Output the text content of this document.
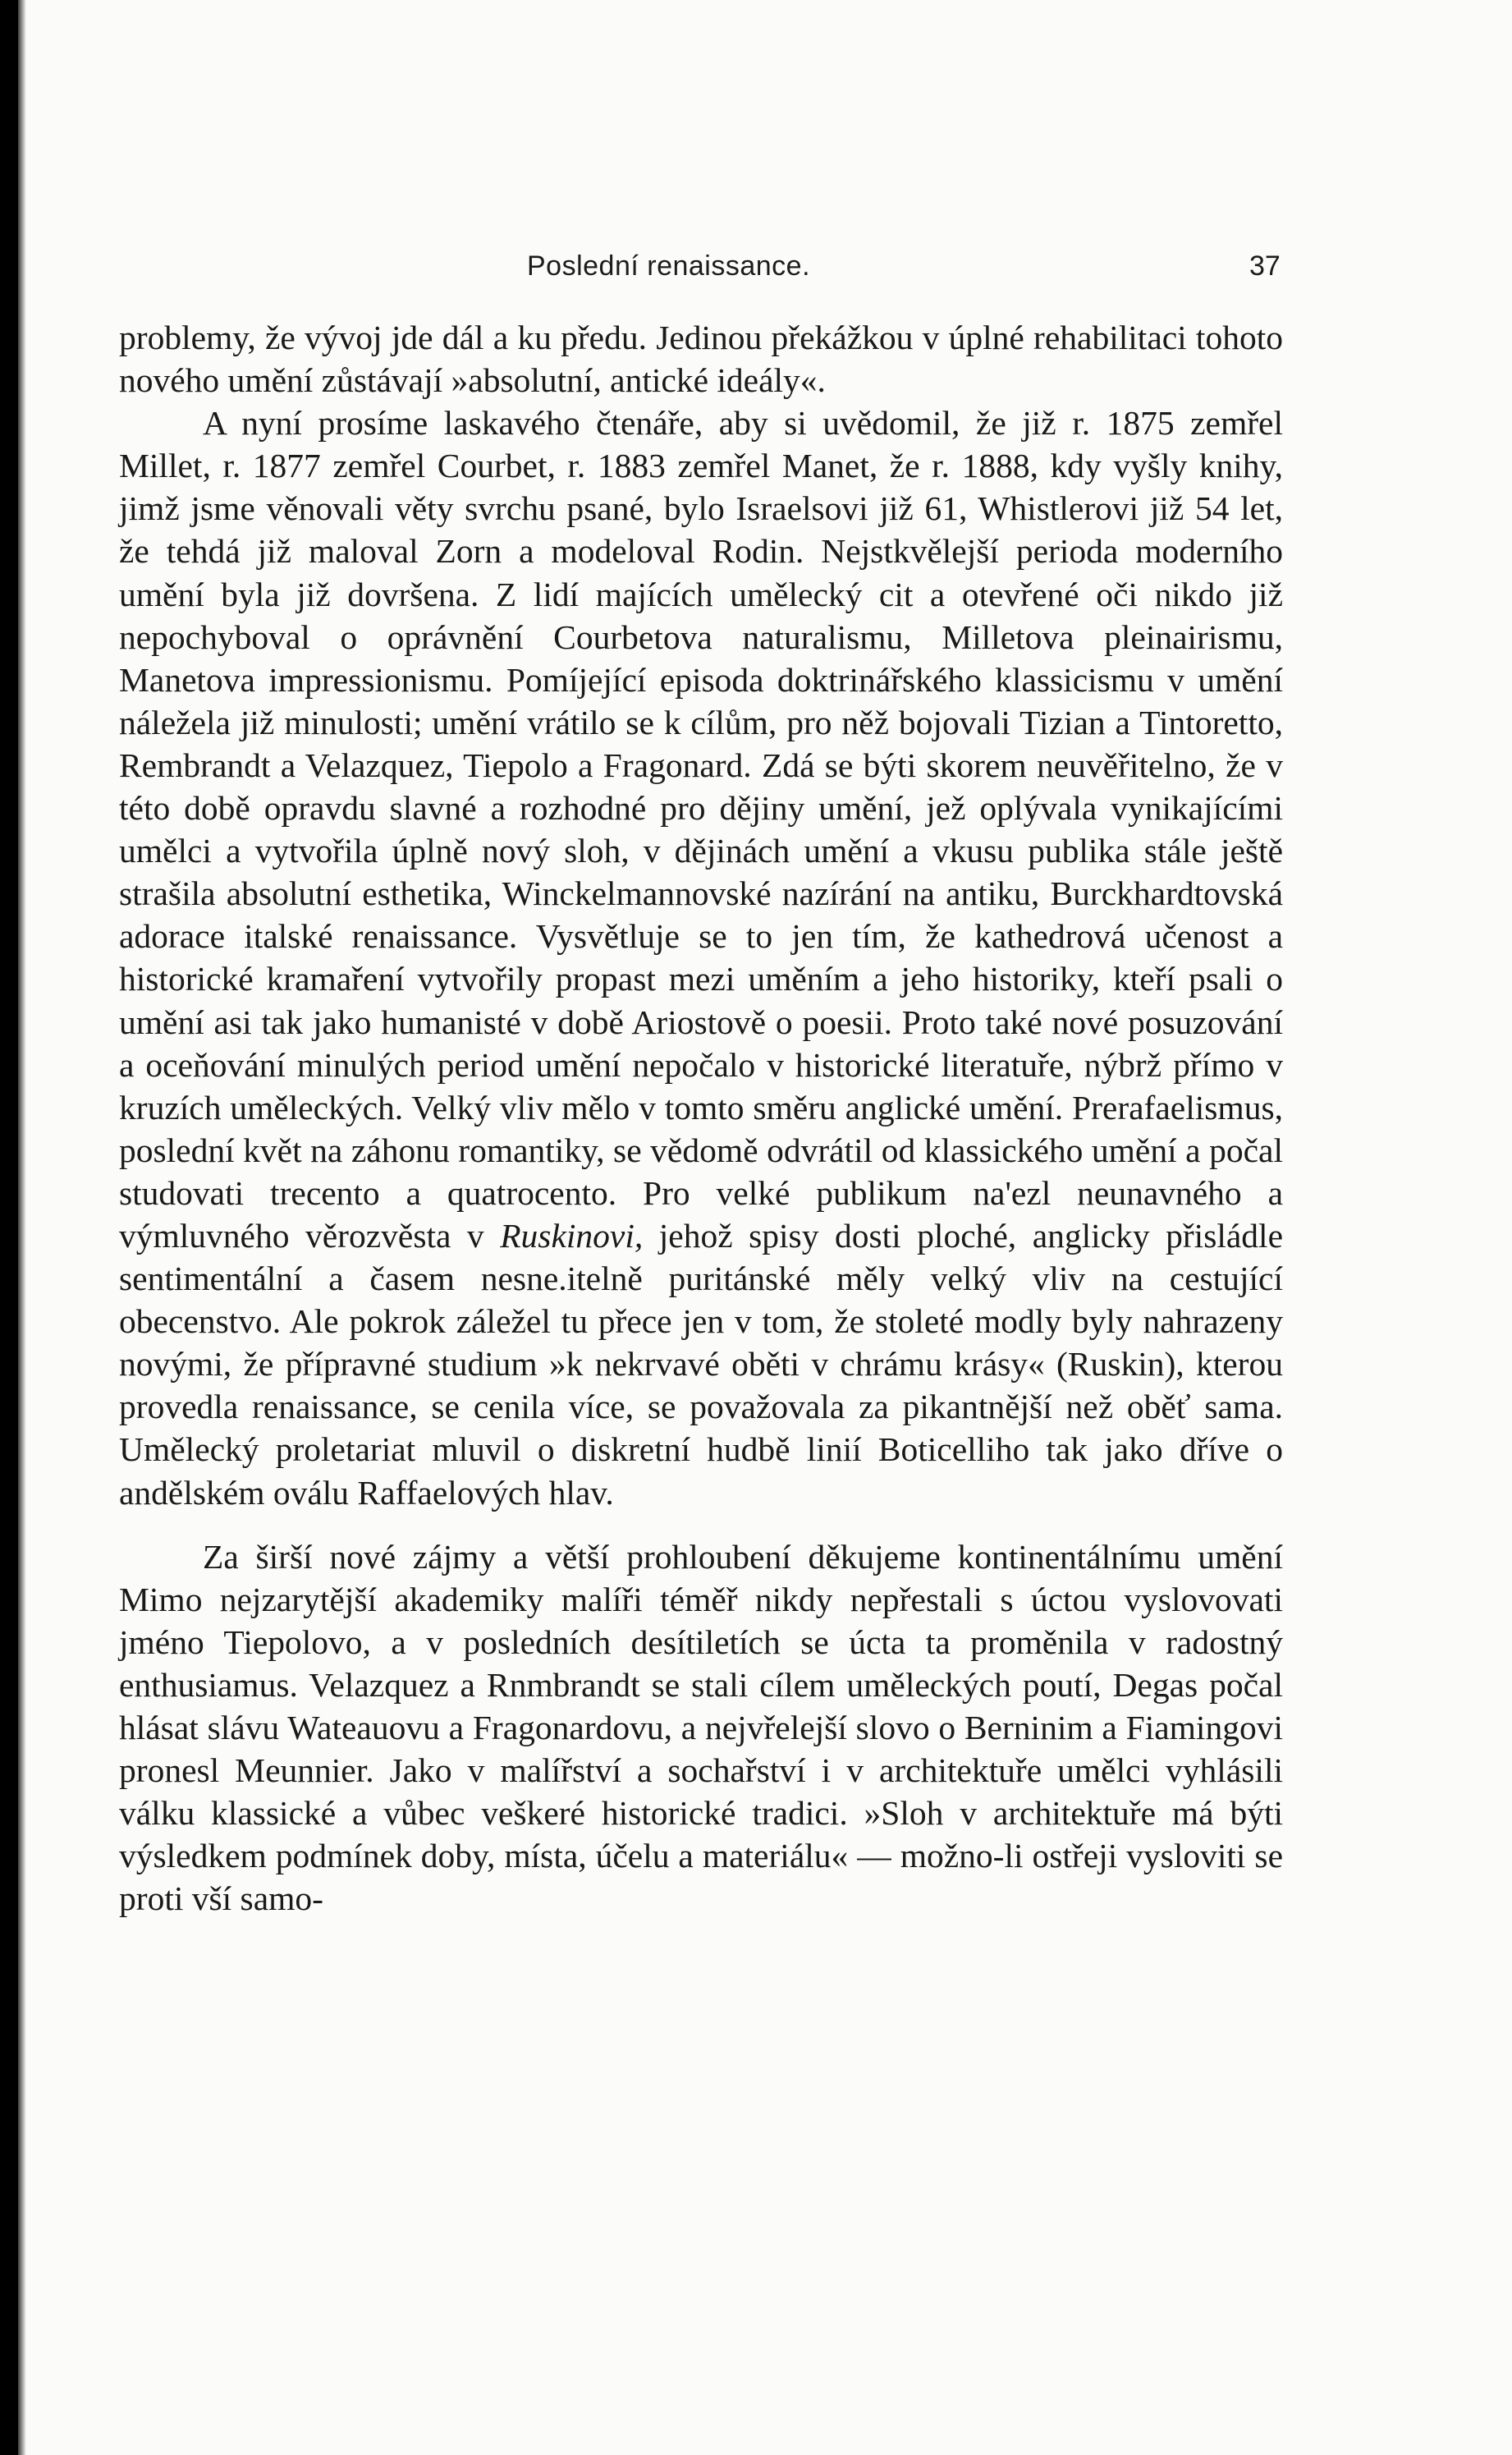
Poslední renaissance.	37

problemy, že vývoj jde dál a ku předu. Jedinou překážkou v úplné rehabilitaci tohoto nového umění zůstávají »absolutní, antické ideály«.

A nyní prosíme laskavého čtenáře, aby si uvědomil, že již r. 1875 zemřel Millet, r. 1877 zemřel Courbet, r. 1883 zemřel Manet, že r. 1888, kdy vyšly knihy, jimž jsme věnovali věty svrchu psané, bylo Israelsovi již 61, Whistlerovi již 54 let, že tehdá již maloval Zorn a modeloval Rodin. Nejstkvělejší perioda moderního umění byla již dovršena. Z lidí majících umělecký cit a otevřené oči nikdo již nepochyboval o oprávnění Courbetova naturalismu, Milletova pleinairismu, Manetova impressionismu. Pomíjející episoda doktrinářského klassicismu v umění náležela již minulosti; umění vrátilo se k cílům, pro něž bojovali Tizian a Tintoretto, Rembrandt a Velazquez, Tiepolo a Fragonard. Zdá se býti skorem neuvěřitelno, že v této době opravdu slavné a rozhodné pro dějiny umění, jež oplývala vynikajícími umělci a vytvořila úplně nový sloh, v dějinách umění a vkusu publika stále ještě strašila absolutní esthetika, Winckelmannovské nazírání na antiku, Burckhardtovská adorace italské renaissance. Vysvětluje se to jen tím, že kathedrová učenost a historické kramaření vytvořily propast mezi uměním a jeho historiky, kteří psali o umění asi tak jako humanisté v době Ariostově o poesii. Proto také nové posuzování a oceňování minulých period umění nepočalo v historické literatuře, nýbrž přímo v kruzích uměleckých. Velký vliv mělo v tomto směru anglické umění. Prerafaelismus, poslední květ na záhonu romantiky, se vědomě odvrátil od klassického umění a počal studovati trecento a quatrocento. Pro velké publikum na'ezl neunavného a výmluvného věrozvěsta v Ruskinovi, jehož spisy dosti ploché, anglicky přisládle sentimentální a časem nesne.itelně puritánské měly velký vliv na cestující obecenstvo. Ale pokrok záležel tu přece jen v tom, že stoleté modly byly nahrazeny novými, že přípravné studium »k nekrvavé oběti v chrámu krásy« (Ruskin), kterou provedla renaissance, se cenila více, se považovala za pikantnější než oběť sama. Umělecký proletariat mluvil o diskretní hudbě linií Boticelliho tak jako dříve o andělském oválu Raffaelových hlav.

Za širší nové zájmy a větší prohloubení děkujeme kontinentálnímu umění Mimo nejzarytější akademiky malíři téměř nikdy nepřestali s úctou vyslovovati jméno Tiepolovo, a v posledních desítiletích se úcta ta proměnila v radostný enthusiamus. Velazquez a Rnmbrandt se stali cílem uměleckých poutí, Degas počal hlásat slávu Wateauovu a Fragonardovu, a nejvřelejší slovo o Berninim a Fiamingovi pronesl Meunnier. Jako v malířství a sochařství i v architektuře umělci vyhlásili válku klassické a vůbec veškeré historické tradici. »Sloh v architektuře má býti výsledkem podmínek doby, místa, účelu a materiálu« — možno-li ostřeji vysloviti se proti vší samo-
